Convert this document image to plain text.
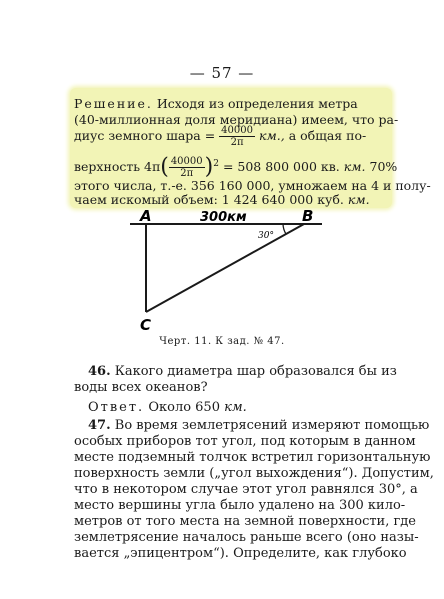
— 57 —
Решение. Исходя из определения метра
(40-миллионная доля меридиана) имеем, что ра-
диус земного шара = $\frac{40000}{2\pi}$ км., а общая по-
верхность $4\pi( \frac{40000}{2\pi} )^2 = 508$ 800 000 кв. км. 70%
этого числа, т.-е. 356 160 000, умножаем на 4 и полу-
чаем искомый объем: 1 424 640 000 куб. км.
A	B
C
300км
30°
Черт. 11. К зад. № 47.
46. Какого диаметра шар образовался бы из
воды всех океанов?
Ответ. Около 650 км.
47. Во время землетрясений измеряют помощью
особых приборов тот угол, под которым в данном
месте подземный толчок встретил горизонтальную
поверхность земли („угол выхождения“). Допустим,
что в некотором случае этот угол равнялся 30°, а
место вершины угла было удалено на 300 кило-
метров от того места на земной поверхности, где
землетрясение началось раньше всего (оно назы-
вается „эпицентром“). Определите, как глубоко
